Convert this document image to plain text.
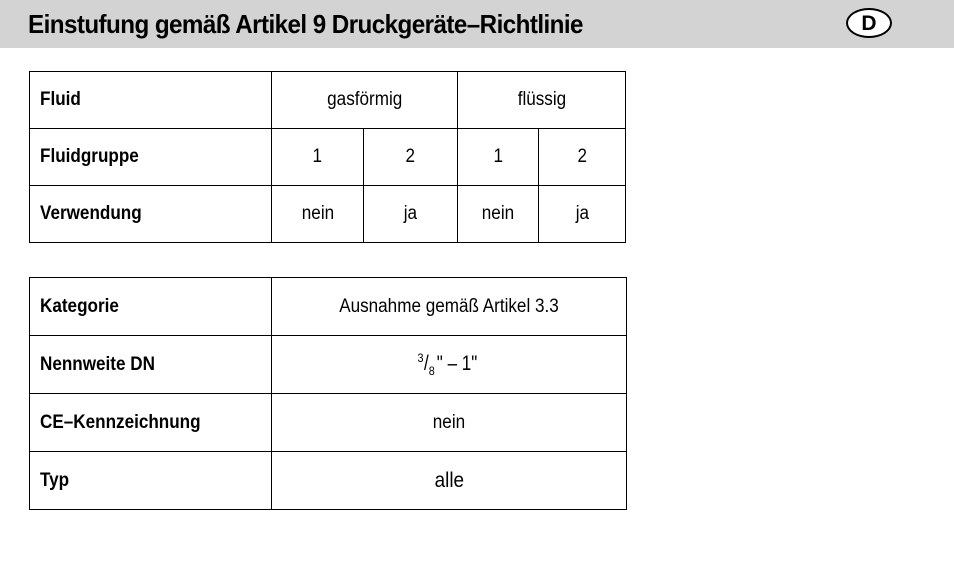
Einstufung gemäß Artikel 9 Druckgeräte–Richtlinie	D
Fluid	gasförmig		flüssig	
Fluidgruppe	1	2	1	2
Verwendung	nein	ja	nein	ja
Kategorie	Ausnahme gemäß Artikel 3.3
Nennweite DN	$^3/_8$ " – 1"
CE–Kennzeichnung	nein
Typ	alle
